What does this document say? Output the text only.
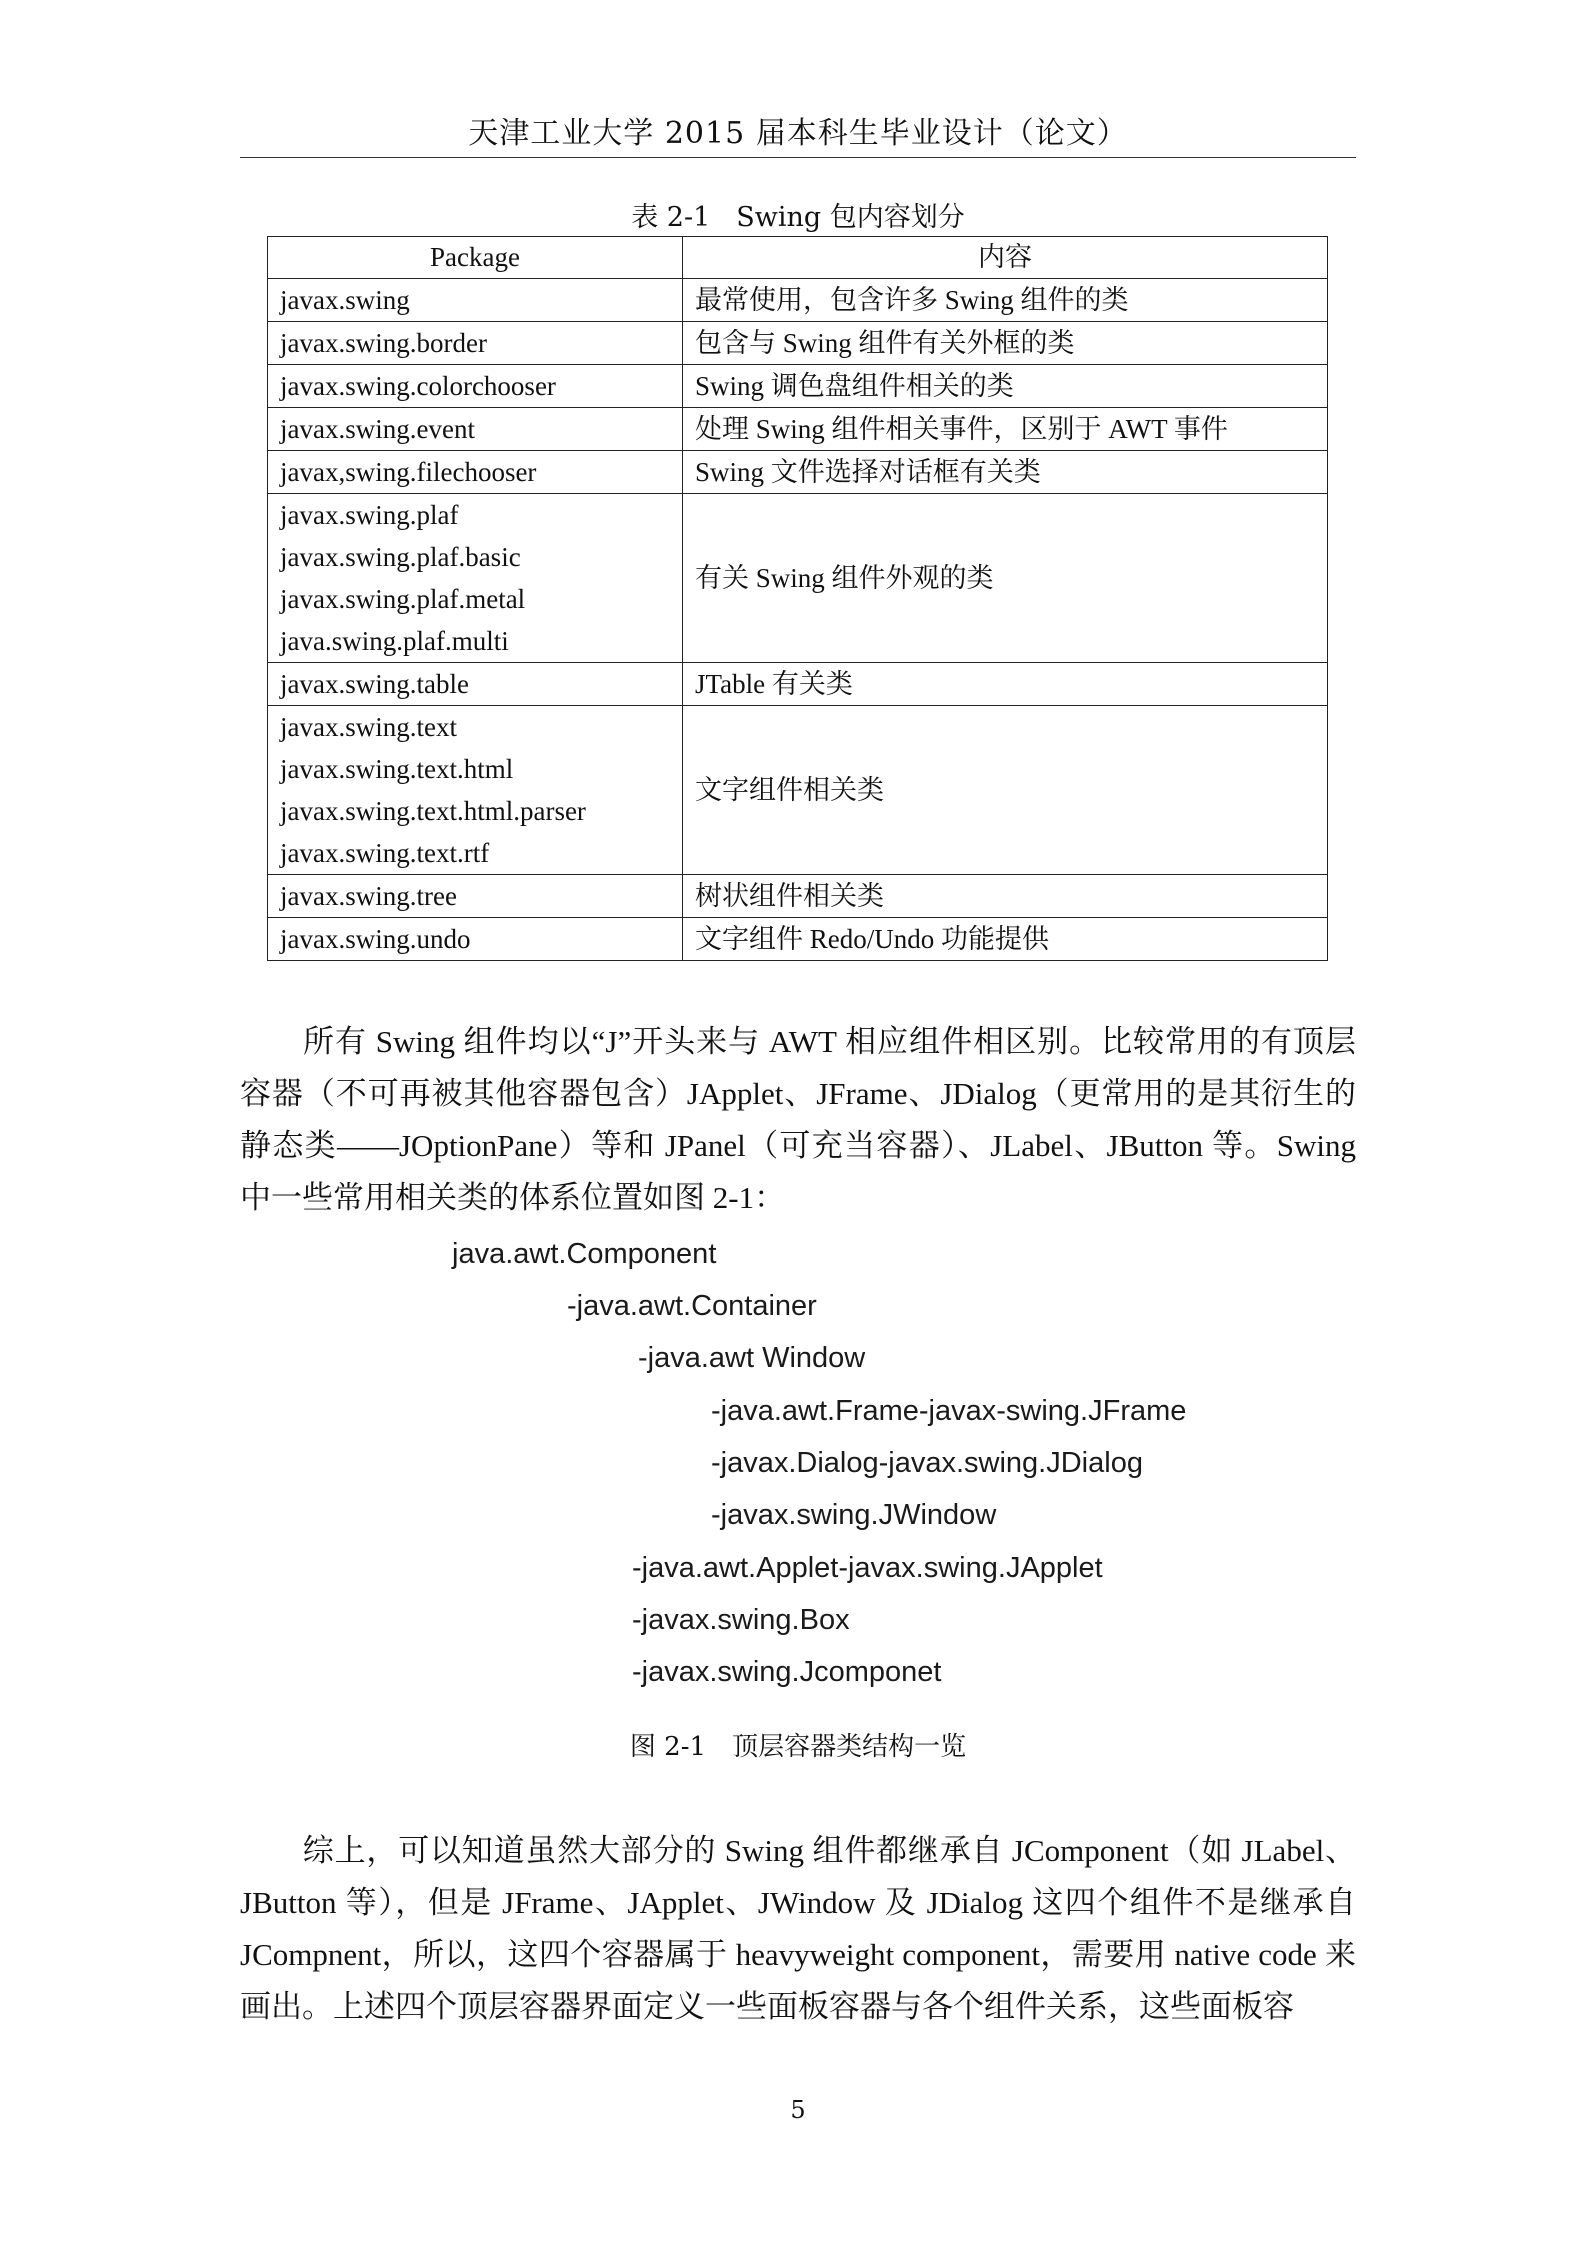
天津工业大学 2015 届本科生毕业设计（论文）
表 2-1 Swing 包内容划分
Package	内容

javax.swing	最常使用，包含许多 Swing 组件的类

javax.swing.border	包含与 Swing 组件有关外框的类

javax.swing.colorchooser	Swing 调色盘组件相关的类

javax.swing.event	处理 Swing 组件相关事件，区别于 AWT 事件

javax,swing.filechooser	Swing 文件选择对话框有关类

javax.swing.plaf
javax.swing.plaf.basic
javax.swing.plaf.metal
java.swing.plaf.multi	有关 Swing 组件外观的类

javax.swing.table	JTable 有关类

javax.swing.text
javax.swing.text.html
javax.swing.text.html.parser
javax.swing.text.rtf	文字组件相关类

javax.swing.tree	树状组件相关类

javax.swing.undo	文字组件 Redo/Undo 功能提供

所有 Swing 组件均以“J”开头来与 AWT 相应组件相区别。比较常用的有顶层容器（不可再被其他容器包含）JApplet、JFrame、JDialog（更常用的是其衍生的静态类——JOptionPane）等和 JPanel（可充当容器）、JLabel、JButton 等。Swing 中一些常用相关类的体系位置如图 2-1：

java.awt.Component
-java.awt.Container
-java.awt Window
-java.awt.Frame-javax-swing.JFrame
-javax.Dialog-javax.swing.JDialog
-javax.swing.JWindow
-java.awt.Applet-javax.swing.JApplet
-javax.swing.Box
-javax.swing.Jcomponet
图 2-1 顶层容器类结构一览

综上，可以知道虽然大部分的 Swing 组件都继承自 JComponent（如 JLabel、JButton 等），但是 JFrame、JApplet、JWindow 及 JDialog 这四个组件不是继承自 JCompnent，所以，这四个容器属于 heavyweight component，需要用 native code 来画出。上述四个顶层容器界面定义一些面板容器与各个组件关系，这些面板容

5
